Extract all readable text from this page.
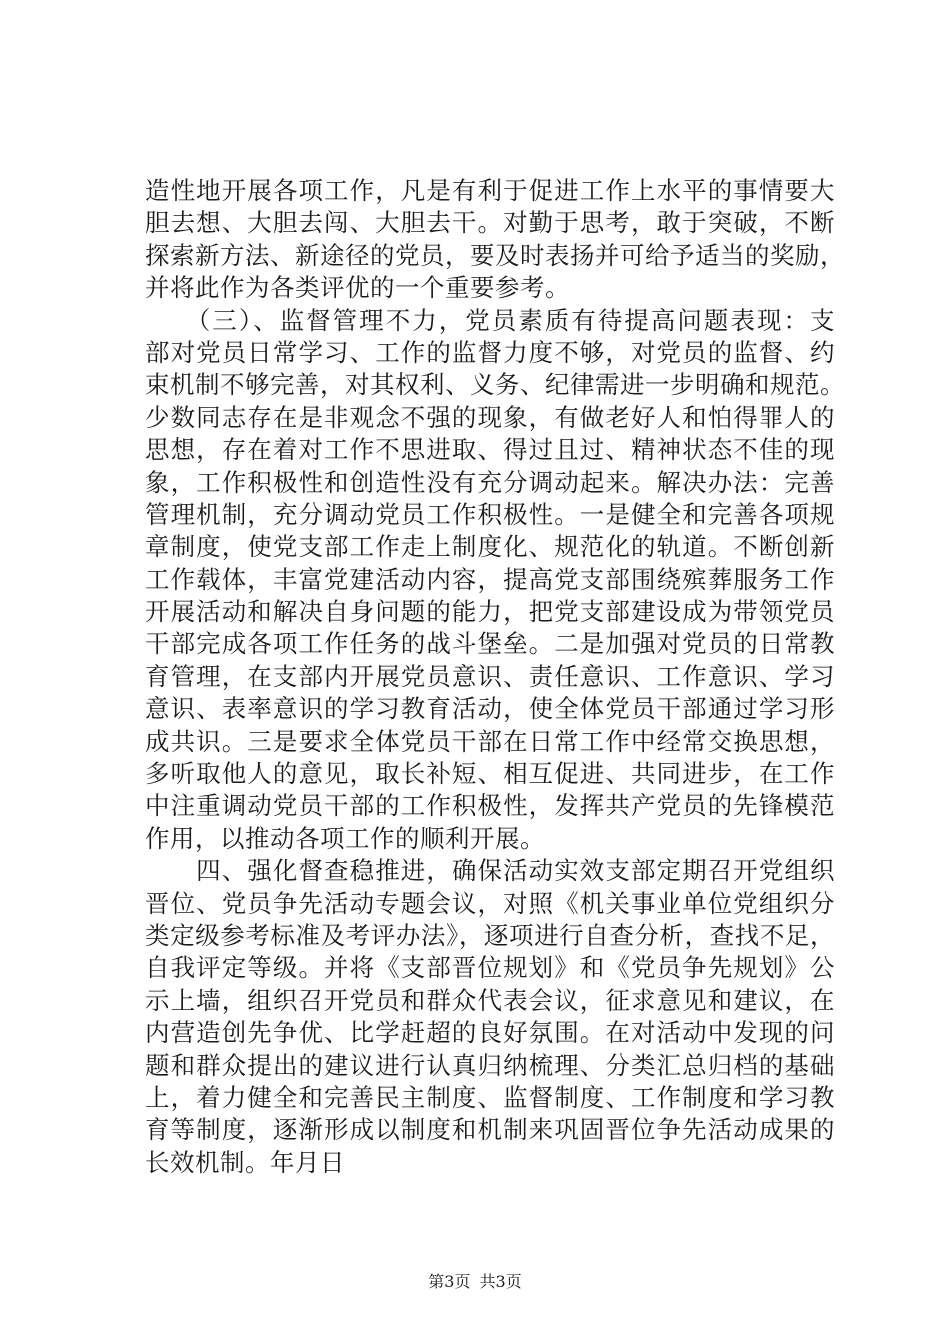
造性地开展各项工作，凡是有利于促进工作上水平的事情要大
胆去想、大胆去闯、大胆去干。对勤于思考，敢于突破，不断
探索新方法、新途径的党员，要及时表扬并可给予适当的奖励，
并将此作为各类评优的一个重要参考。
　　（三）、监督管理不力，党员素质有待提高问题表现：支
部对党员日常学习、工作的监督力度不够，对党员的监督、约
束机制不够完善，对其权利、义务、纪律需进一步明确和规范。
少数同志存在是非观念不强的现象，有做老好人和怕得罪人的
思想，存在着对工作不思进取、得过且过、精神状态不佳的现
象，工作积极性和创造性没有充分调动起来。解决办法：完善
管理机制，充分调动党员工作积极性。一是健全和完善各项规
章制度，使党支部工作走上制度化、规范化的轨道。不断创新
工作载体，丰富党建活动内容，提高党支部围绕殡葬服务工作
开展活动和解决自身问题的能力，把党支部建设成为带领党员
干部完成各项工作任务的战斗堡垒。二是加强对党员的日常教
育管理，在支部内开展党员意识、责任意识、工作意识、学习
意识、表率意识的学习教育活动，使全体党员干部通过学习形
成共识。三是要求全体党员干部在日常工作中经常交换思想，
多听取他人的意见，取长补短、相互促进、共同进步，在工作
中注重调动党员干部的工作积极性，发挥共产党员的先锋模范
作用，以推动各项工作的顺利开展。
　　四、强化督查稳推进，确保活动实效支部定期召开党组织
晋位、党员争先活动专题会议，对照《机关事业单位党组织分
类定级参考标准及考评办法》，逐项进行自查分析，查找不足，
自我评定等级。并将《支部晋位规划》和《党员争先规划》公
示上墙，组织召开党员和群众代表会议，征求意见和建议，在
内营造创先争优、比学赶超的良好氛围。在对活动中发现的问
题和群众提出的建议进行认真归纳梳理、分类汇总归档的基础
上，着力健全和完善民主制度、监督制度、工作制度和学习教
育等制度，逐渐形成以制度和机制来巩固晋位争先活动成果的
长效机制。年月日
第3页 共3页
